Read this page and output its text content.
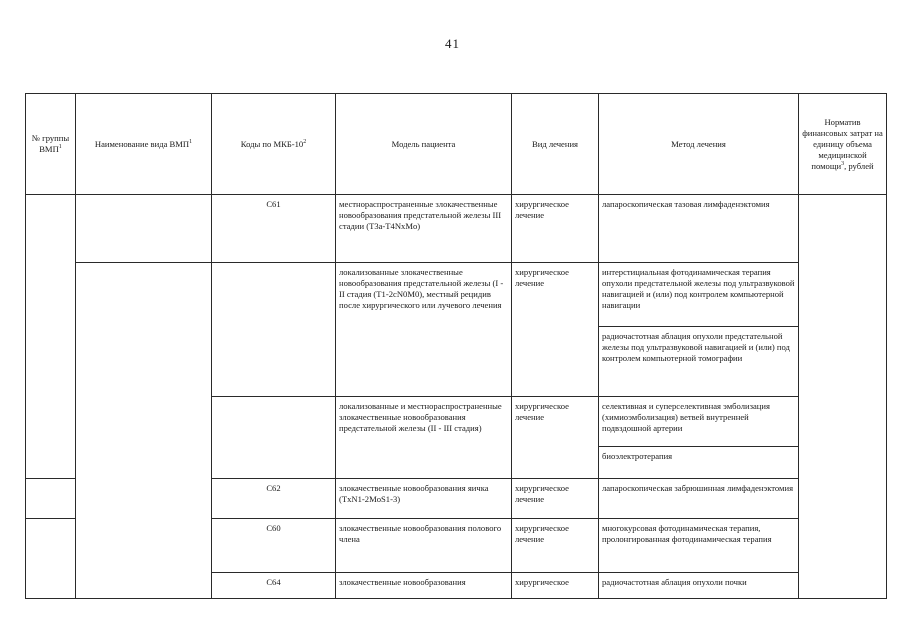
41
№ группы ВМП$^1$	Наименование вида ВМП$^1$	Коды по МКБ-$10^2$	Модель пациента	Вид лечения	Метод лечения	Норматив финансовых затрат на единицу объема медицинской помощи$^3$, рублей
		C61	местнораспространенные злокачественные новообразования предстательной железы III стадии (T3a-T4NxMo)	хирургическое лечение	лапароскопическая тазовая лимфаденэктомия	
			локализованные злокачественные новообразования предстательной железы (I - II стадия (T1-2cN0M0), местный рецидив после хирургического или лучевого лечения	хирургическое лечение	интерстициальная фотодинамическая терапия опухоли предстательной железы под ультразвуковой навигацией и (или) под контролем компьютерной навигации	
					радиочастотная аблация опухоли предстательной железы под ультразвуковой навигацией и (или) под контролем компьютерной томографии	
			локализованные и местнораспространенные злокачественные новообразования предстательной железы (II - III стадия)	хирургическое лечение	селективная и суперселективная эмболизация (химиоэмболизация) ветвей внутренней подвздошной артерии	
					биоэлектротерапия	
		C62	злокачественные новообразования яичка (TxN1-2MoS1-3)	хирургическое лечение	лапароскопическая забрюшинная лимфаденэктомия	
		C60	злокачественные новообразования полового члена	хирургическое лечение	многокурсовая фотодинамическая терапия, пролонгированная фотодинамическая терапия	
		C64	злокачественные новообразования	хирургическое	радиочастотная аблация опухоли почки	
